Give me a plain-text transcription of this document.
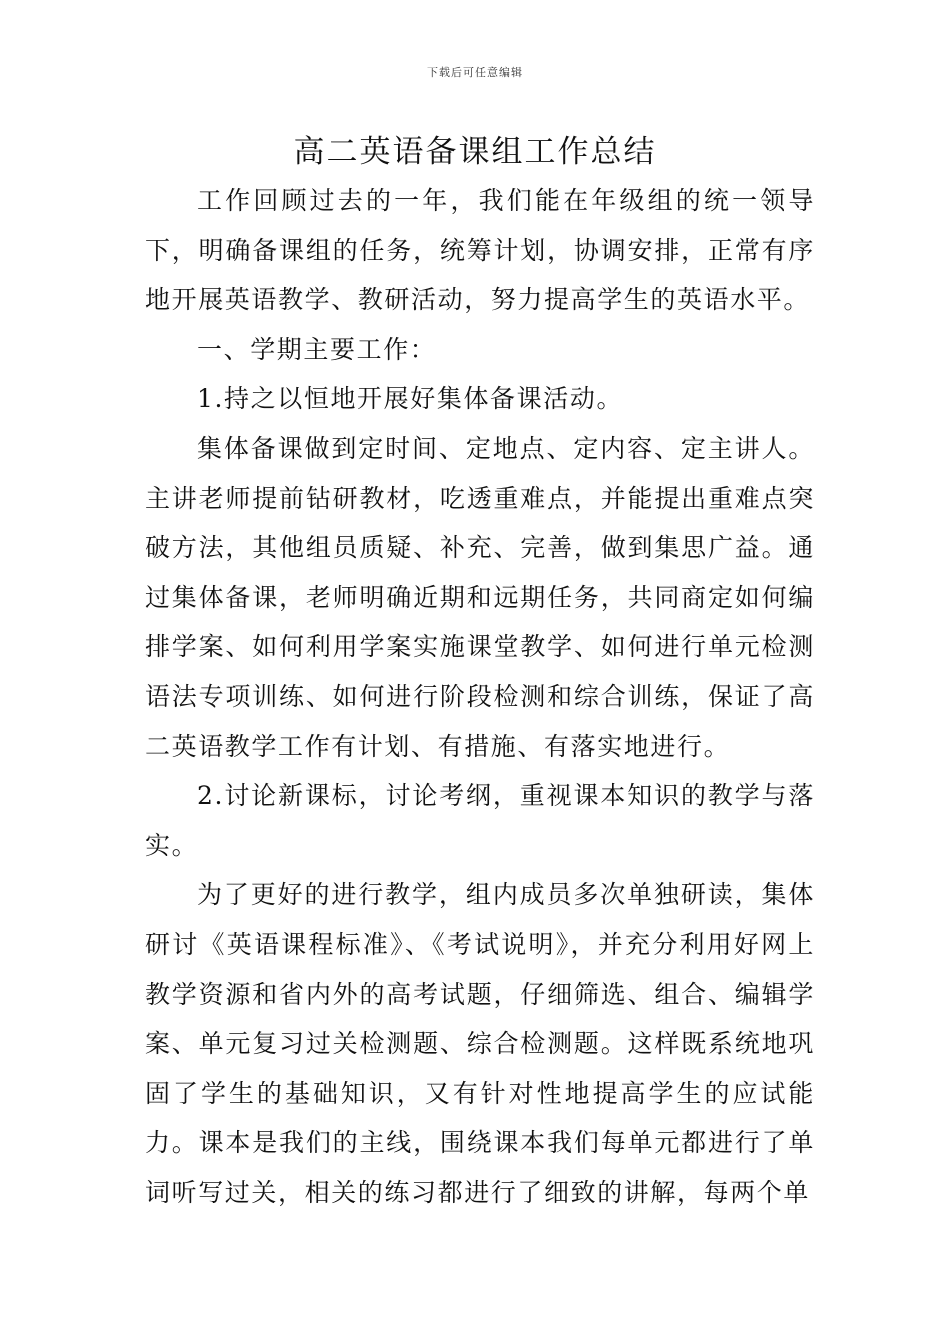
下载后可任意编辑
高二英语备课组工作总结

工作回顾过去的一年，我们能在年级组的统一领导下，明确备课组的任务，统筹计划，协调安排，正常有序地开展英语教学、教研活动，努力提高学生的英语水平。

一、学期主要工作：

1.持之以恒地开展好集体备课活动。

集体备课做到定时间、定地点、定内容、定主讲人。主讲老师提前钻研教材，吃透重难点，并能提出重难点突破方法，其他组员质疑、补充、完善，做到集思广益。通过集体备课，老师明确近期和远期任务，共同商定如何编排学案、如何利用学案实施课堂教学、如何进行单元检测语法专项训练、如何进行阶段检测和综合训练，保证了高二英语教学工作有计划、有措施、有落实地进行。

2.讨论新课标，讨论考纲，重视课本知识的教学与落实。

为了更好的进行教学，组内成员多次单独研读，集体研讨《英语课程标准》、《考试说明》，并充分利用好网上教学资源和省内外的高考试题，仔细筛选、组合、编辑学案、单元复习过关检测题、综合检测题。这样既系统地巩固了学生的基础知识，又有针对性地提高学生的应试能力。课本是我们的主线，围绕课本我们每单元都进行了单词听写过关，相关的练习都进行了细致的讲解，每两个单
